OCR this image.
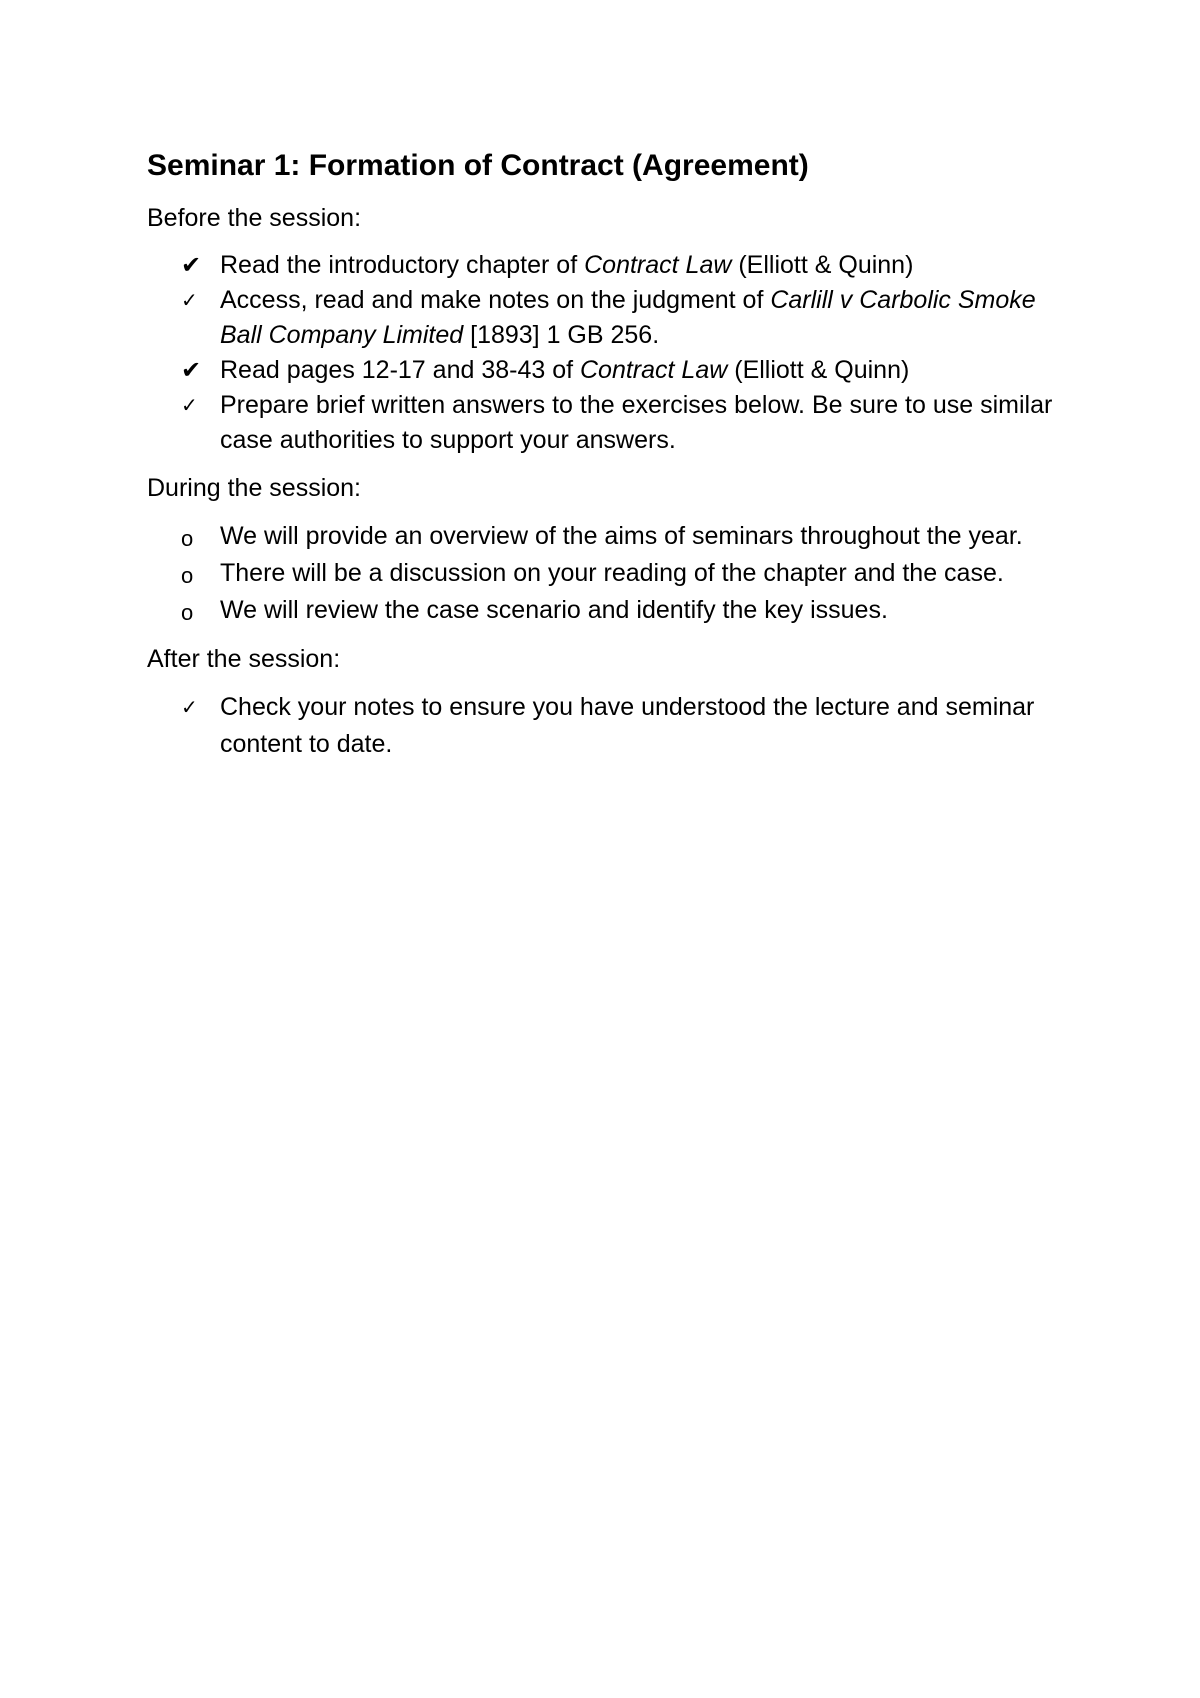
Seminar 1: Formation of Contract (Agreement)

Before the session:

✔ Read the introductory chapter of Contract Law (Elliott & Quinn)
✓ Access, read and make notes on the judgment of Carlill v Carbolic Smoke Ball Company Limited [1893] 1 GB 256.
✔ Read pages 12-17 and 38-43 of Contract Law (Elliott & Quinn)
✓ Prepare brief written answers to the exercises below. Be sure to use similar case authorities to support your answers.

During the session:

o	We will provide an overview of the aims of seminars throughout the year.
o	There will be a discussion on your reading of the chapter and the case.
o	We will review the case scenario and identify the key issues.

After the session:

✓ Check your notes to ensure you have understood the lecture and seminar content to date.
